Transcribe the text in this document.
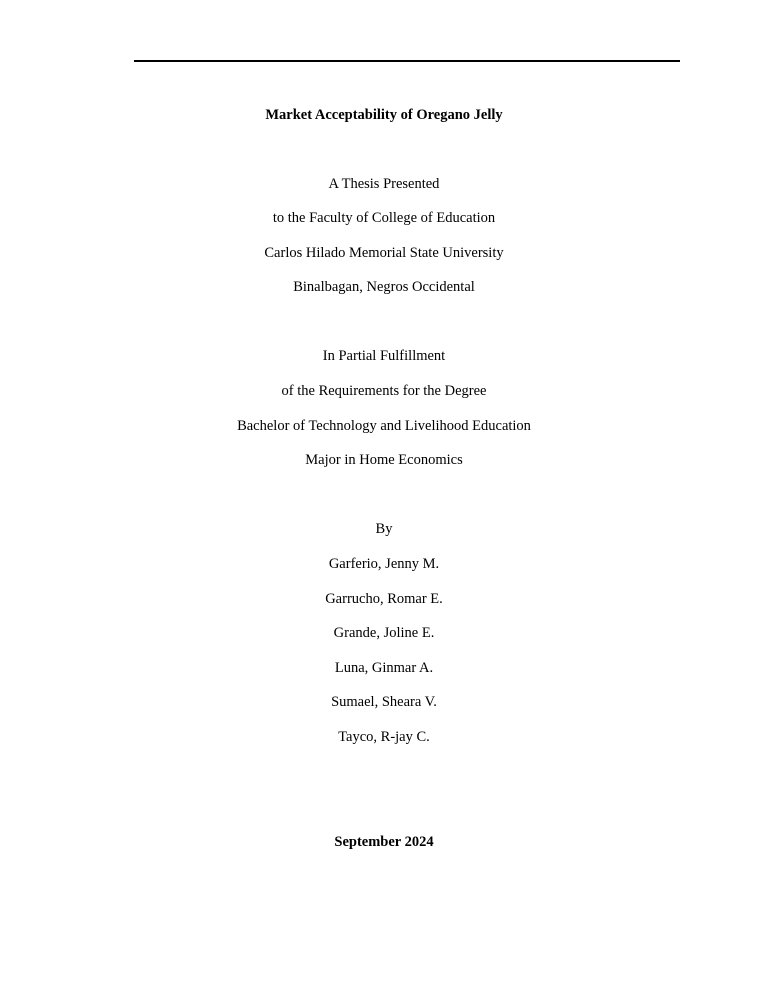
Market Acceptability of Oregano Jelly
A Thesis Presented
to the Faculty of College of Education
Carlos Hilado Memorial State University
Binalbagan, Negros Occidental
In Partial Fulfillment
of the Requirements for the Degree
Bachelor of Technology and Livelihood Education
Major in Home Economics
By
Garferio, Jenny M.
Garrucho, Romar E.
Grande, Joline E.
Luna, Ginmar A.
Sumael, Sheara V.
Tayco, R-jay C.
September 2024
